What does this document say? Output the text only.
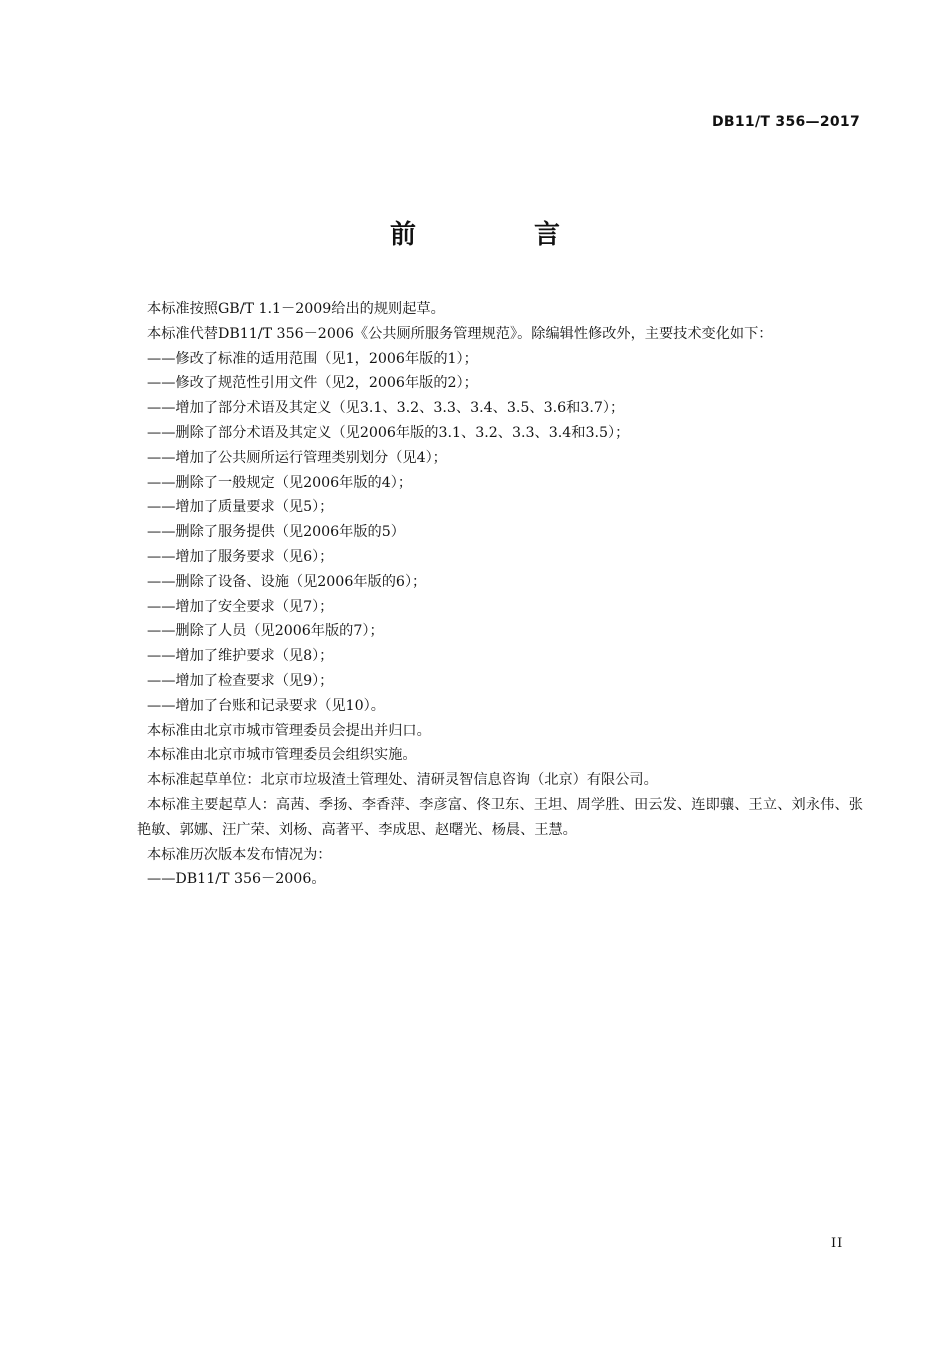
DB11/T 356—2017
前　言

本标准按照GB/T 1.1－2009给出的规则起草。

本标准代替DB11/T 356－2006《公共厕所服务管理规范》。除编辑性修改外，主要技术变化如下：

——修改了标准的适用范围（见1，2006年版的1）；

——修改了规范性引用文件（见2，2006年版的2）；

——增加了部分术语及其定义（见3.1、3.2、3.3、3.4、3.5、3.6和3.7）；

——删除了部分术语及其定义（见2006年版的3.1、3.2、3.3、3.4和3.5）；

——增加了公共厕所运行管理类别划分（见4）；

——删除了一般规定（见2006年版的4）；

——增加了质量要求（见5）；

——删除了服务提供（见2006年版的5）

——增加了服务要求（见6）；

——删除了设备、设施（见2006年版的6）；

——增加了安全要求（见7）；

——删除了人员（见2006年版的7）；

——增加了维护要求（见8）；

——增加了检查要求（见9）；

——增加了台账和记录要求（见10）。

本标准由北京市城市管理委员会提出并归口。

本标准由北京市城市管理委员会组织实施。

本标准起草单位：北京市垃圾渣土管理处、清研灵智信息咨询（北京）有限公司。

本标准主要起草人：高茜、季扬、李香萍、李彦富、佟卫东、王坦、周学胜、田云发、连即骧、王立、刘永伟、张艳敏、郭娜、汪广荣、刘杨、高著平、李成思、赵曙光、杨晨、王慧。

本标准历次版本发布情况为：

——DB11/T 356－2006。

II
